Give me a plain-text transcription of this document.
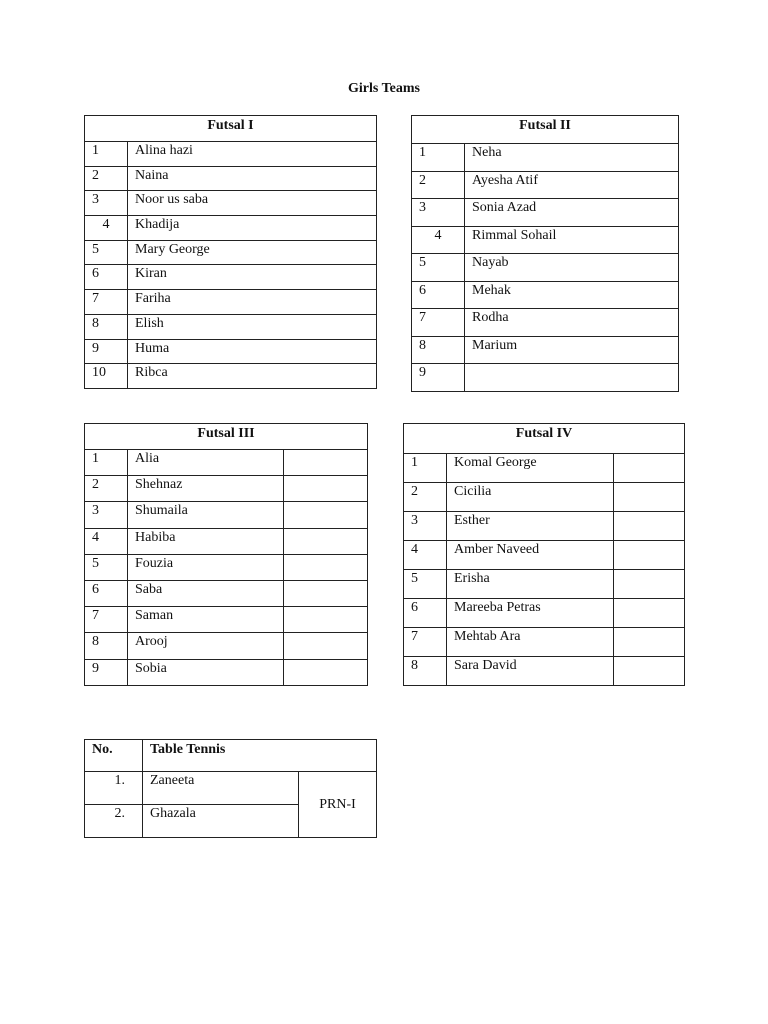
Girls Teams
Futsal I	
1	Alina hazi
2	Naina
3	Noor us saba
4	Khadija
5	Mary George
6	Kiran
7	Fariha
8	Elish
9	Huma
10	Ribca
Futsal II	
1	Neha
2	Ayesha Atif
3	Sonia Azad
4	Rimmal Sohail
5	Nayab
6	Mehak
7	Rodha
8	Marium
9	
Futsal III		
1	Alia	
2	Shehnaz	
3	Shumaila	
4	Habiba	
5	Fouzia	
6	Saba	
7	Saman	
8	Arooj	
9	Sobia	
Futsal IV		
1	Komal George	
2	Cicilia	
3	Esther	
4	Amber Naveed	
5	Erisha	
6	Mareeba Petras	
7	Mehtab Ara	
8	Sara David	
No.	Table Tennis	
1.	Zaneeta	PRN-I
2.	Ghazala	
